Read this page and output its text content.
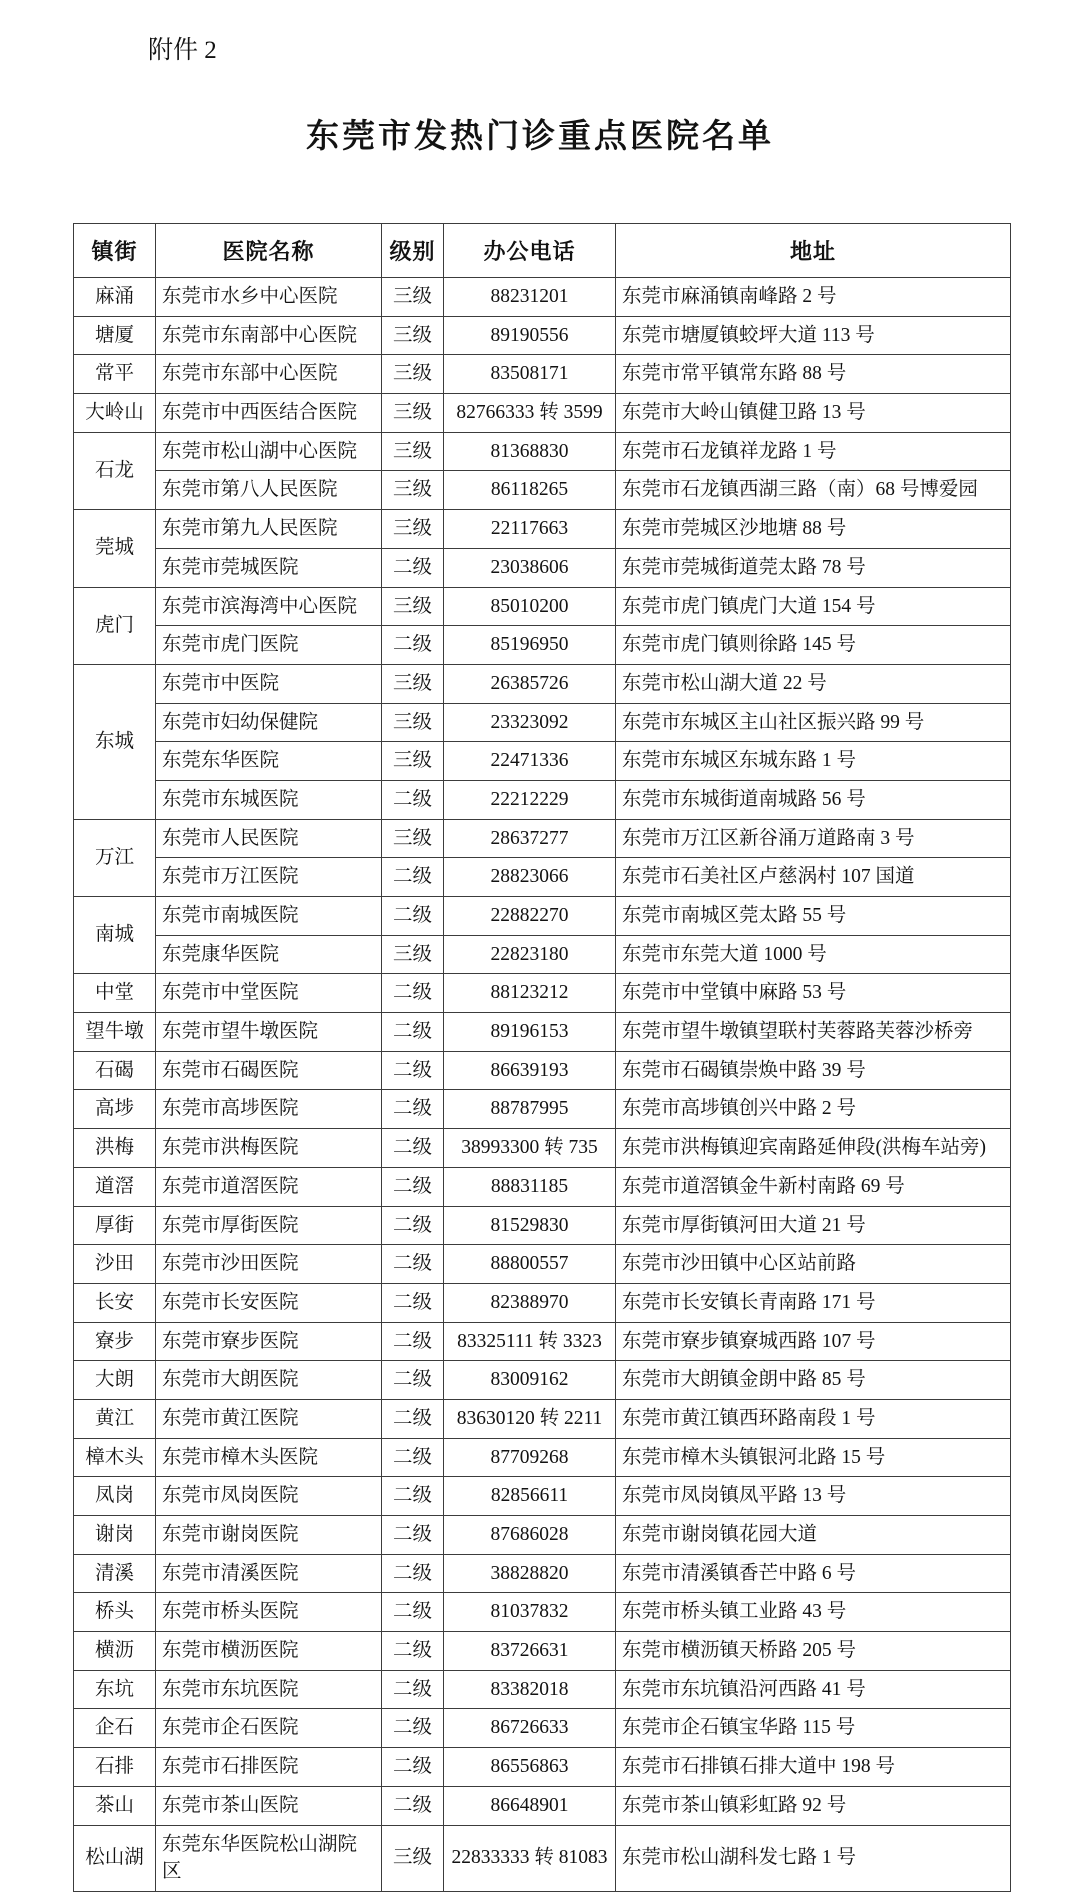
附件 2
东莞市发热门诊重点医院名单
镇街	医院名称	级别	办公电话	地址
麻涌	东莞市水乡中心医院	三级	88231201	东莞市麻涌镇南峰路 2 号
塘厦	东莞市东南部中心医院	三级	89190556	东莞市塘厦镇蛟坪大道 113 号
常平	东莞市东部中心医院	三级	83508171	东莞市常平镇常东路 88 号
大岭山	东莞市中西医结合医院	三级	82766333 转 3599	东莞市大岭山镇健卫路 13 号
石龙	东莞市松山湖中心医院	三级	81368830	东莞市石龙镇祥龙路 1 号
	东莞市第八人民医院	三级	86118265	东莞市石龙镇西湖三路（南）68 号博爱园
莞城	东莞市第九人民医院	三级	22117663	东莞市莞城区沙地塘 88 号
	东莞市莞城医院	二级	23038606	东莞市莞城街道莞太路 78 号
虎门	东莞市滨海湾中心医院	三级	85010200	东莞市虎门镇虎门大道 154 号
	东莞市虎门医院	二级	85196950	东莞市虎门镇则徐路 145 号
东城	东莞市中医院	三级	26385726	东莞市松山湖大道 22 号
	东莞市妇幼保健院	三级	23323092	东莞市东城区主山社区振兴路 99 号
	东莞东华医院	三级	22471336	东莞市东城区东城东路 1 号
	东莞市东城医院	二级	22212229	东莞市东城街道南城路 56 号
万江	东莞市人民医院	三级	28637277	东莞市万江区新谷涌万道路南 3 号
	东莞市万江医院	二级	28823066	东莞市石美社区卢慈涡村 107 国道
南城	东莞市南城医院	二级	22882270	东莞市南城区莞太路 55 号
	东莞康华医院	三级	22823180	东莞市东莞大道 1000 号
中堂	东莞市中堂医院	二级	88123212	东莞市中堂镇中麻路 53 号
望牛墩	东莞市望牛墩医院	二级	89196153	东莞市望牛墩镇望联村芙蓉路芙蓉沙桥旁
石碣	东莞市石碣医院	二级	86639193	东莞市石碣镇崇焕中路 39 号
高埗	东莞市高埗医院	二级	88787995	东莞市高埗镇创兴中路 2 号
洪梅	东莞市洪梅医院	二级	38993300 转 735	东莞市洪梅镇迎宾南路延伸段(洪梅车站旁)
道滘	东莞市道滘医院	二级	88831185	东莞市道滘镇金牛新村南路 69 号
厚街	东莞市厚街医院	二级	81529830	东莞市厚街镇河田大道 21 号
沙田	东莞市沙田医院	二级	88800557	东莞市沙田镇中心区站前路
长安	东莞市长安医院	二级	82388970	东莞市长安镇长青南路 171 号
寮步	东莞市寮步医院	二级	83325111 转 3323	东莞市寮步镇寮城西路 107 号
大朗	东莞市大朗医院	二级	83009162	东莞市大朗镇金朗中路 85 号
黄江	东莞市黄江医院	二级	83630120 转 2211	东莞市黄江镇西环路南段 1 号
樟木头	东莞市樟木头医院	二级	87709268	东莞市樟木头镇银河北路 15 号
凤岗	东莞市凤岗医院	二级	82856611	东莞市凤岗镇凤平路 13 号
谢岗	东莞市谢岗医院	二级	87686028	东莞市谢岗镇花园大道
清溪	东莞市清溪医院	二级	38828820	东莞市清溪镇香芒中路 6 号
桥头	东莞市桥头医院	二级	81037832	东莞市桥头镇工业路 43 号
横沥	东莞市横沥医院	二级	83726631	东莞市横沥镇天桥路 205 号
东坑	东莞市东坑医院	二级	83382018	东莞市东坑镇沿河西路 41 号
企石	东莞市企石医院	二级	86726633	东莞市企石镇宝华路 115 号
石排	东莞市石排医院	二级	86556863	东莞市石排镇石排大道中 198 号
茶山	东莞市茶山医院	二级	86648901	东莞市茶山镇彩虹路 92 号
松山湖	东莞东华医院松山湖院区	三级	22833333 转 81083	东莞市松山湖科发七路 1 号
